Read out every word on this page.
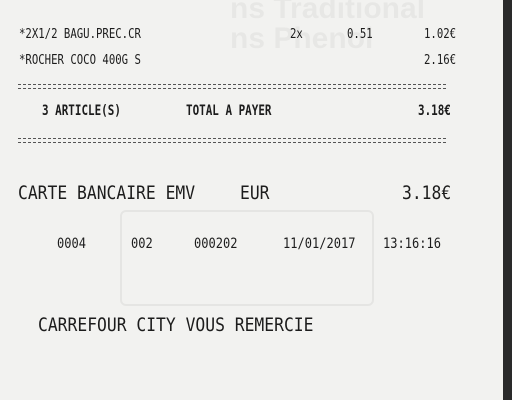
*2X1/2 BAGU.PREC.CR	2x	0.51	1.02€
*ROCHER COCO 400G S	2.16€
3 ARTICLE(S)	TOTAL A PAYER	3.18€
CARTE BANCAIRE EMV EUR	3.18€
0004	002	000202	11/01/2017 13:16:16
CARREFOUR CITY VOUS REMERCIE
